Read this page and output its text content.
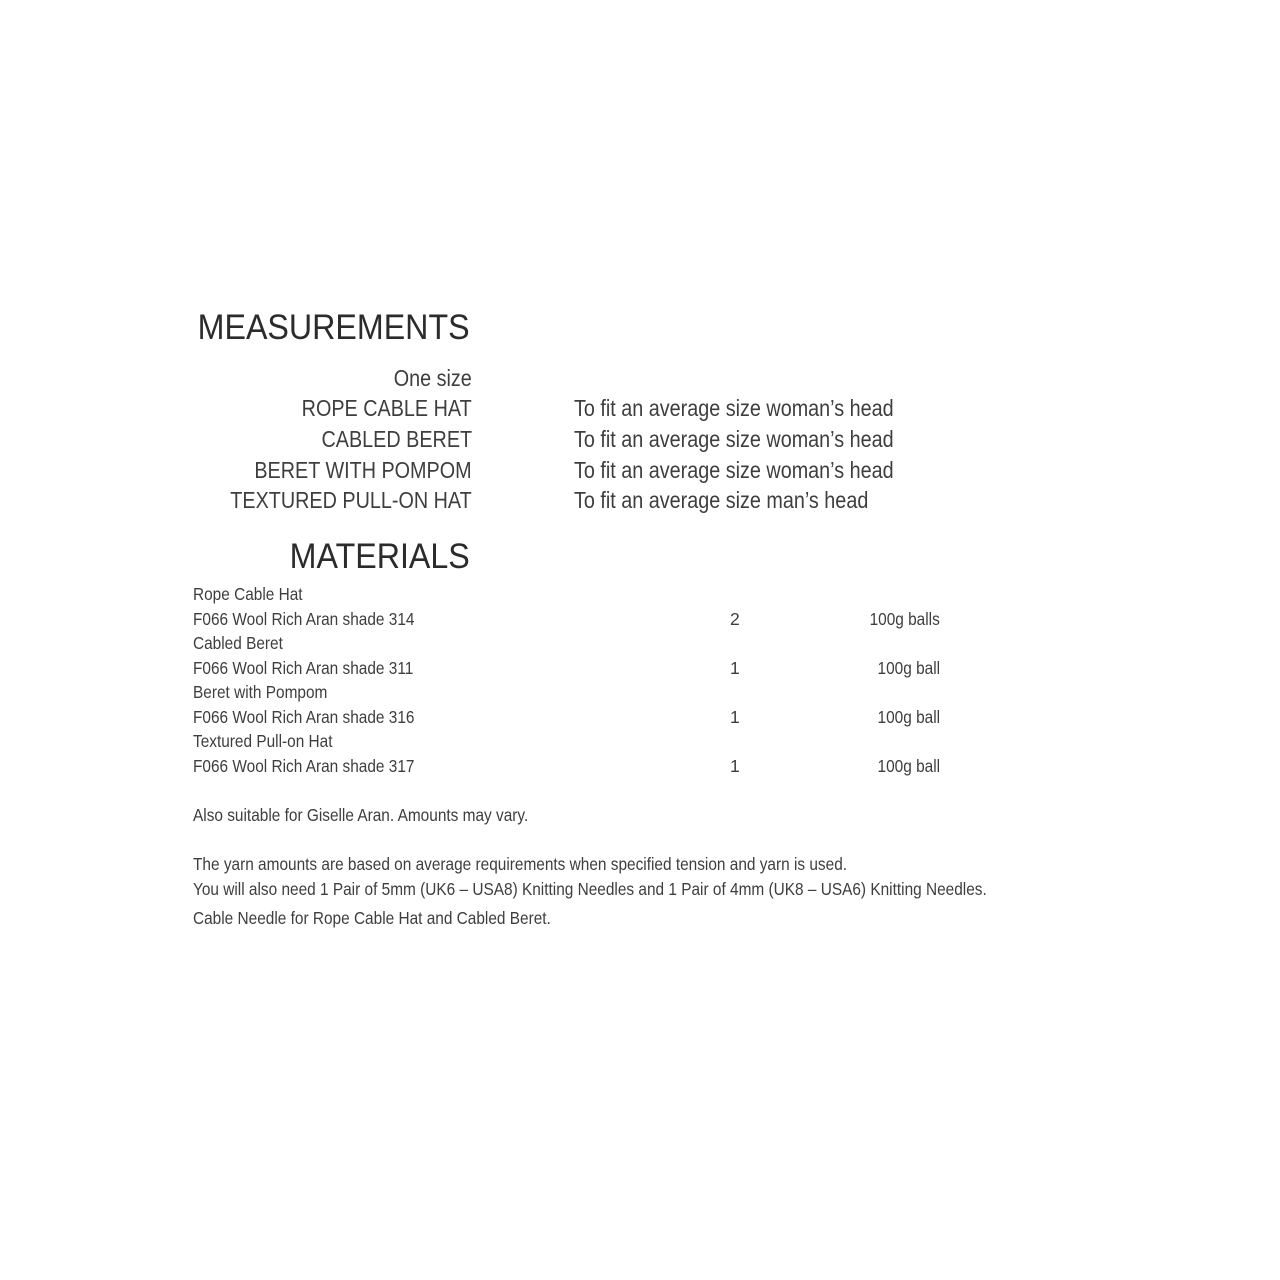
MEASUREMENTS
One size
ROPE CABLE HAT	To fit an average size woman’s head
CABLED BERET	To fit an average size woman’s head
BERET WITH POMPOM	To fit an average size woman’s head
TEXTURED PULL-ON HAT	To fit an average size man’s head
MATERIALS
Rope Cable Hat
F066 Wool Rich Aran shade 314	2	100g balls
Cabled Beret
F066 Wool Rich Aran shade 311	1	100g ball
Beret with Pompom
F066 Wool Rich Aran shade 316	1	100g ball
Textured Pull-on Hat
F066 Wool Rich Aran shade 317	1	100g ball
Also suitable for Giselle Aran. Amounts may vary.
The yarn amounts are based on average requirements when specified tension and yarn is used.
You will also need 1 Pair of 5mm (UK6 – USA8) Knitting Needles and 1 Pair of 4mm (UK8 – USA6) Knitting Needles.
Cable Needle for Rope Cable Hat and Cabled Beret.
